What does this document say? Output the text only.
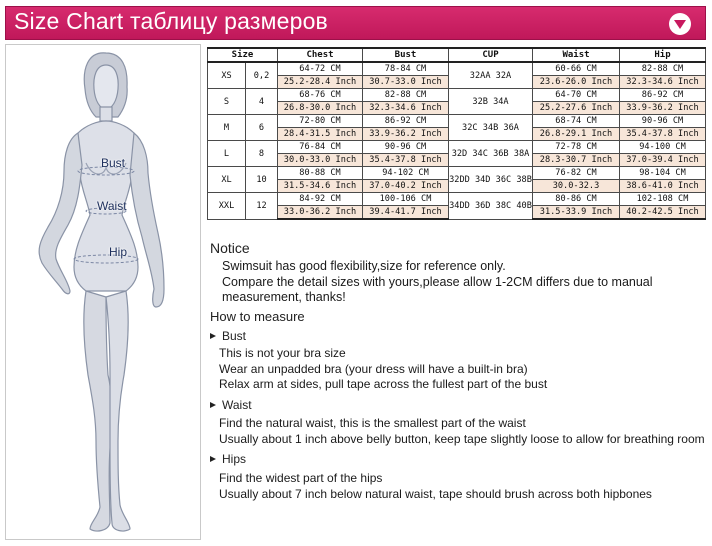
Size Chart таблицу размеров
Bust
Waist
Hip
Size		Chest	Bust	CUP	Waist	Hip
XS	0,2	64-72 CM	78-84 CM	32AA 32A	60-66 CM	82-88 CM
		25.2-28.4 Inch	30.7-33.0 Inch		23.6-26.0 Inch	32.3-34.6 Inch
S	4	68-76 CM	82-88 CM	32B 34A	64-70 CM	86-92 CM
		26.8-30.0 Inch	32.3-34.6 Inch		25.2-27.6 Inch	33.9-36.2 Inch
M	6	72-80 CM	86-92 CM	32C 34B 36A	68-74 CM	90-96 CM
		28.4-31.5 Inch	33.9-36.2 Inch		26.8-29.1 Inch	35.4-37.8 Inch
L	8	76-84 CM	90-96 CM	32D 34C 36B 38A	72-78 CM	94-100 CM
		30.0-33.0 Inch	35.4-37.8 Inch		28.3-30.7 Inch	37.0-39.4 Inch
XL	10	80-88 CM	94-102 CM	32DD 34D 36C 38B	76-82 CM	98-104 CM
		31.5-34.6 Inch	37.0-40.2 Inch		30.0-32.3	38.6-41.0 Inch
XXL	12	84-92 CM	100-106 CM	34DD 36D 38C 40B	80-86 CM	102-108 CM
		33.0-36.2 Inch	39.4-41.7 Inch		31.5-33.9 Inch	40.2-42.5 Inch
Notice
Swimsuit has good flexibility,size for reference only.
Compare the detail sizes with yours,please allow 1-2CM differs due to manual
measurement, thanks!
How to measure
Bust
This is not your bra size
Wear an unpadded bra (your dress will have a built-in bra)
Relax arm at sides, pull tape across the fullest part of the bust
Waist
Find the natural waist, this is the smallest part of the waist
Usually about 1 inch above belly button, keep tape slightly loose to allow for breathing room
Hips
Find the widest part of the hips
Usually about 7 inch below natural waist, tape should brush across both hipbones
